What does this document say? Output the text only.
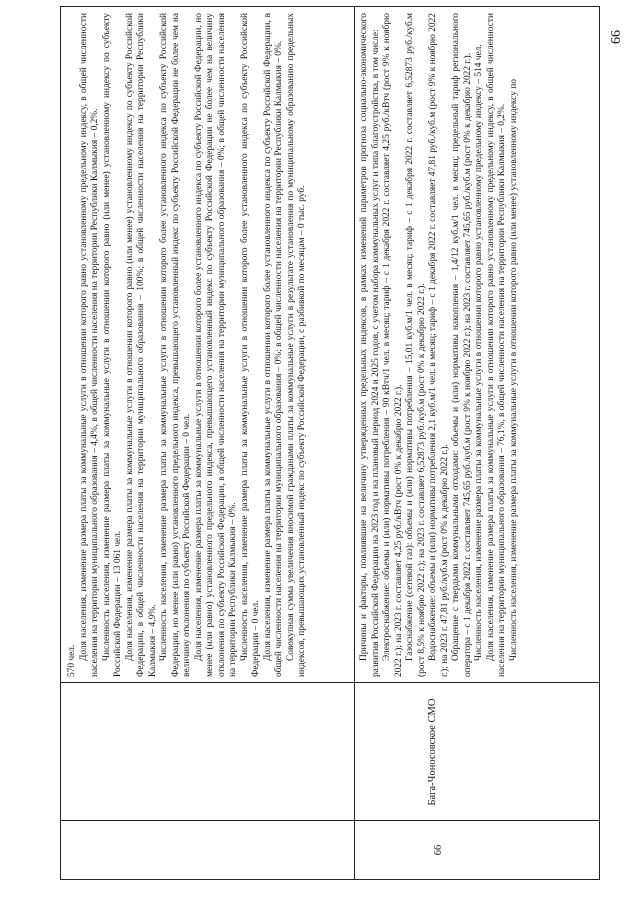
66

570 чел. Доля населения, изменение размера платы за коммунальные услуги в отношении которого равно установленному предельному индексу, в общей численности населения на территории муниципального образования – 4,4%, в общей численности населения на территории Республики Калмыкия – 0,2%. Численность населения, изменение размера платы за коммунальные услуги в отношении которого равно (или менее) установленному индексу по субъекту Российской Федерации – 13 061 чел. Доля населения, изменение размера платы за коммунальные услуги в отношении которого равно (или менее) установленному индексу по субъекту Российской Федерации, в общей численности населения на территории муниципального образования – 100%; в общей численности населения на территории Республики Калмыкия – 4,9%. Численность населения, изменение размера платы за коммунальные услуги в отношении которого более установленного индекса по субъекту Российской Федерации, но менее (или равно) установленного предельного индекса, превышающего установленный индекс по субъекту Российской Федерации не более чем на величину отклонения по субъекту Российской Федерации – 0 чел. Доля населения, изменение размера платы за коммунальные услуги в отношении которого более установленного индекса по субъекту Российской Федерации, но менее (или равно) установленного предельного индекса, превышающего установленный индекс по субъекту Российской Федерации не более чем на величину отклонения по субъекту Российской Федерации, в общей численности населения на территории муниципального образования – 0%; в общей численности населения на территории Республики Калмыкия – 0%. Численность населения, изменение размера платы за коммунальные услуги в отношении которого более установленного индекса по субъекту Российской Федерации – 0 чел. Доля населения, изменение размера платы за коммунальные услуги в отношении которого более установленного индекса по субъекту Российской Федерации, в общей численности населения на территории муниципального образования – 0%; в общей численности населения на территории Республики Калмыкия – 0%. Совокупная сумма увеличения вносимой гражданами платы за коммунальные услуги в результате установления по муниципальному образованию предельных индексов, превышающих установленный индекс по субъекту Российской Федерации, с разбивкой по месяцам – 0 тыс. руб.

66
Бага-Чоносовское СМО

Причины и факторы, повлиявшие на величину утвержденных предельных индексов, в рамках изменений параметров прогноза социально-экономического развития Российской Федерации на 2023 год и на плановый период 2024 и 2025 годов, с учетом набора коммунальных услуг и типа благоустройства, в том числе: Электроснабжение: объемы и (или) нормативы потребления – 90 кВтч/1 чел. в месяц; тариф – с 1 декабря 2022 г. составляет 4,25 руб./кВтч (рост 9% к ноябрю 2022 г.); на 2023 г. составляет 4,25 руб./кВтч (рост 0% к декабрю 2022 г.). Газоснабжение (сетевой газ): объемы и (или) нормативы потребления – 15,01 куб.м/1 чел. в месяц; тариф – с 1 декабря 2022 г. составляет 6,52873 руб./куб.м (рост 8,5% к ноябрю 2022 г.); на 2023 г. составляет 6,52873 руб./куб.м (рост 0% к декабрю 2022 г.). Водоснабжение: объемы и (или) нормативы потребления 2,1 куб.м/1 чел. в месяц; тариф – с 1 декабря 2022 г. составляет 47,81 руб./куб.м (рост 9% к ноябрю 2022 г.); на 2023 г. 47,81 руб./куб.м (рост 0% к декабрю 2022 г.). Обращение с твердыми коммунальными отходами: объемы и (или) нормативы накопления – 1,4/12 куб.м/1 чел. в месяц; предельный тариф регионального оператора – с 1 декабря 2022 г. составляет 745,65 руб./куб.м (рост 9% к ноябрю 2022 г.); на 2023 г. составляет 745,65 руб./куб.м (рост 0% к декабрю 2022 г.). Численность населения, изменение размера платы за коммунальные услуги в отношении которого равно установленному предельному индексу – 514 чел. Доля населения, изменение размера платы за коммунальные услуги в отношении которого равно установленному предельному индексу, в общей численности населения на территории муниципального образования – 76,1%, в общей численности населения на территории Республики Калмыкия – 0,2%. Численность населения, изменение размера платы за коммунальные услуги в отношении которого равно (или менее) установленному индексу по
